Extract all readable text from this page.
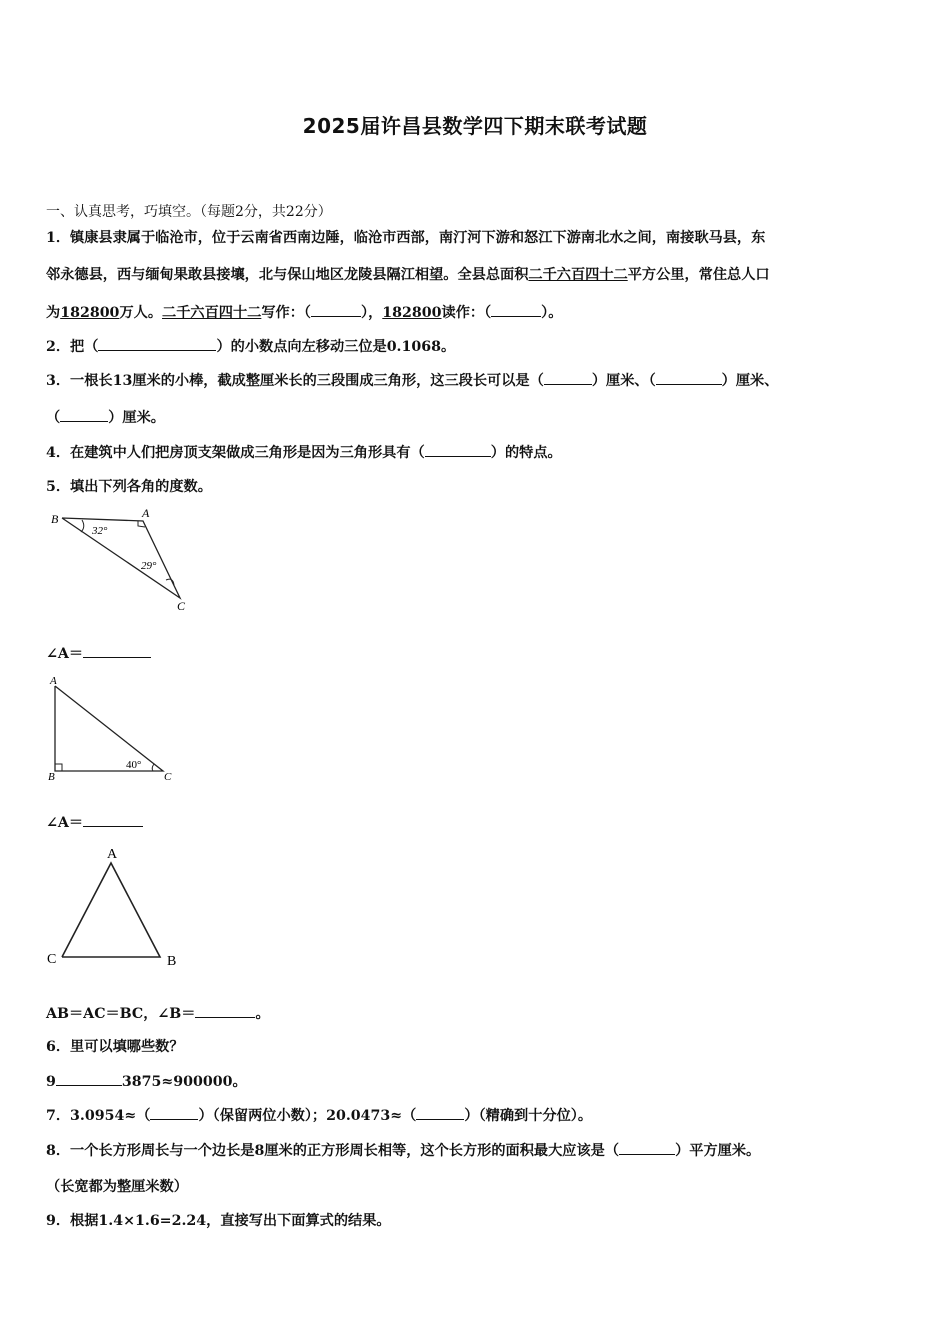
2025届许昌县数学四下期末联考试题
一、认真思考，巧填空。（每题2分，共22分）
1．镇康县隶属于临沧市，位于云南省西南边陲，临沧市西部，南汀河下游和怒江下游南北水之间，南接耿马县，东
邻永德县，西与缅甸果敢县接壤，北与保山地区龙陵县隔江相望。全县总面积二千六百四十二平方公里，常住总人口
为182800万人。二千六百四十二写作：（	），182800读作：（	）。
2．把（	）的小数点向左移动三位是0.1068。
3．一根长13厘米的小棒，截成整厘米长的三段围成三角形，这三段长可以是（	）厘米、（	）厘米、
（	）厘米。
4．在建筑中人们把房顶支架做成三角形是因为三角形具有（	）的特点。
5．填出下列各角的度数。
B	A
C
32°
29°
∠A＝
A
B	C
40°
∠A＝
A
C	B
AB＝AC＝BC，∠B＝	。
6．里可以填哪些数？
9	3875≈900000。
7．3.0954≈（	）（保留两位小数）；20.0473≈（	）（精确到十分位）。
8．一个长方形周长与一个边长是8厘米的正方形周长相等，这个长方形的面积最大应该是（	）平方厘米。
（长宽都为整厘米数）
9．根据1.4×1.6=2.24，直接写出下面算式的结果。
